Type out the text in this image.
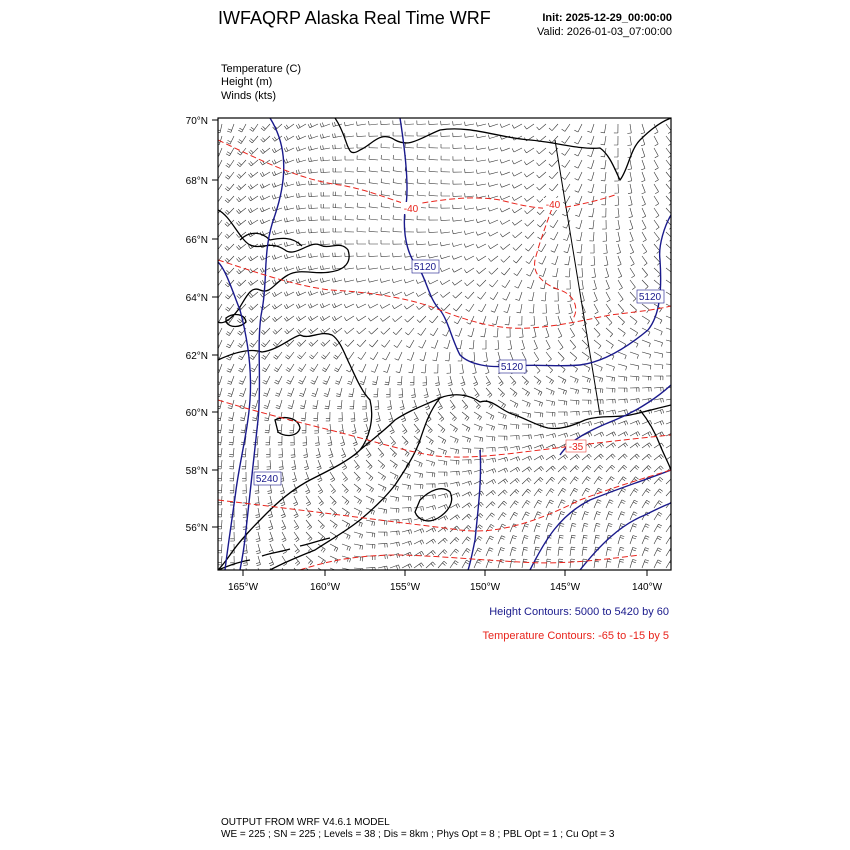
IWFAQRP Alaska Real Time WRF	Init: 2025-12-29_00:00:00
Valid: 2026-01-03_07:00:00
Temperature (C)
Height (m)
Winds (kts)
70°N
68°N
66°N
64°N
62°N
60°N
58°N
56°N
165°W	160°W	155°W	150°W	145°W	140°W
5120
5120
5120
5240
-40	-40
-35
Height Contours: 5000 to 5420 by 60
Temperature Contours: -65 to -15 by 5
OUTPUT FROM WRF V4.6.1 MODEL
WE = 225 ; SN = 225 ; Levels = 38 ; Dis = 8km ; Phys Opt = 8 ; PBL Opt = 1 ; Cu Opt = 3
